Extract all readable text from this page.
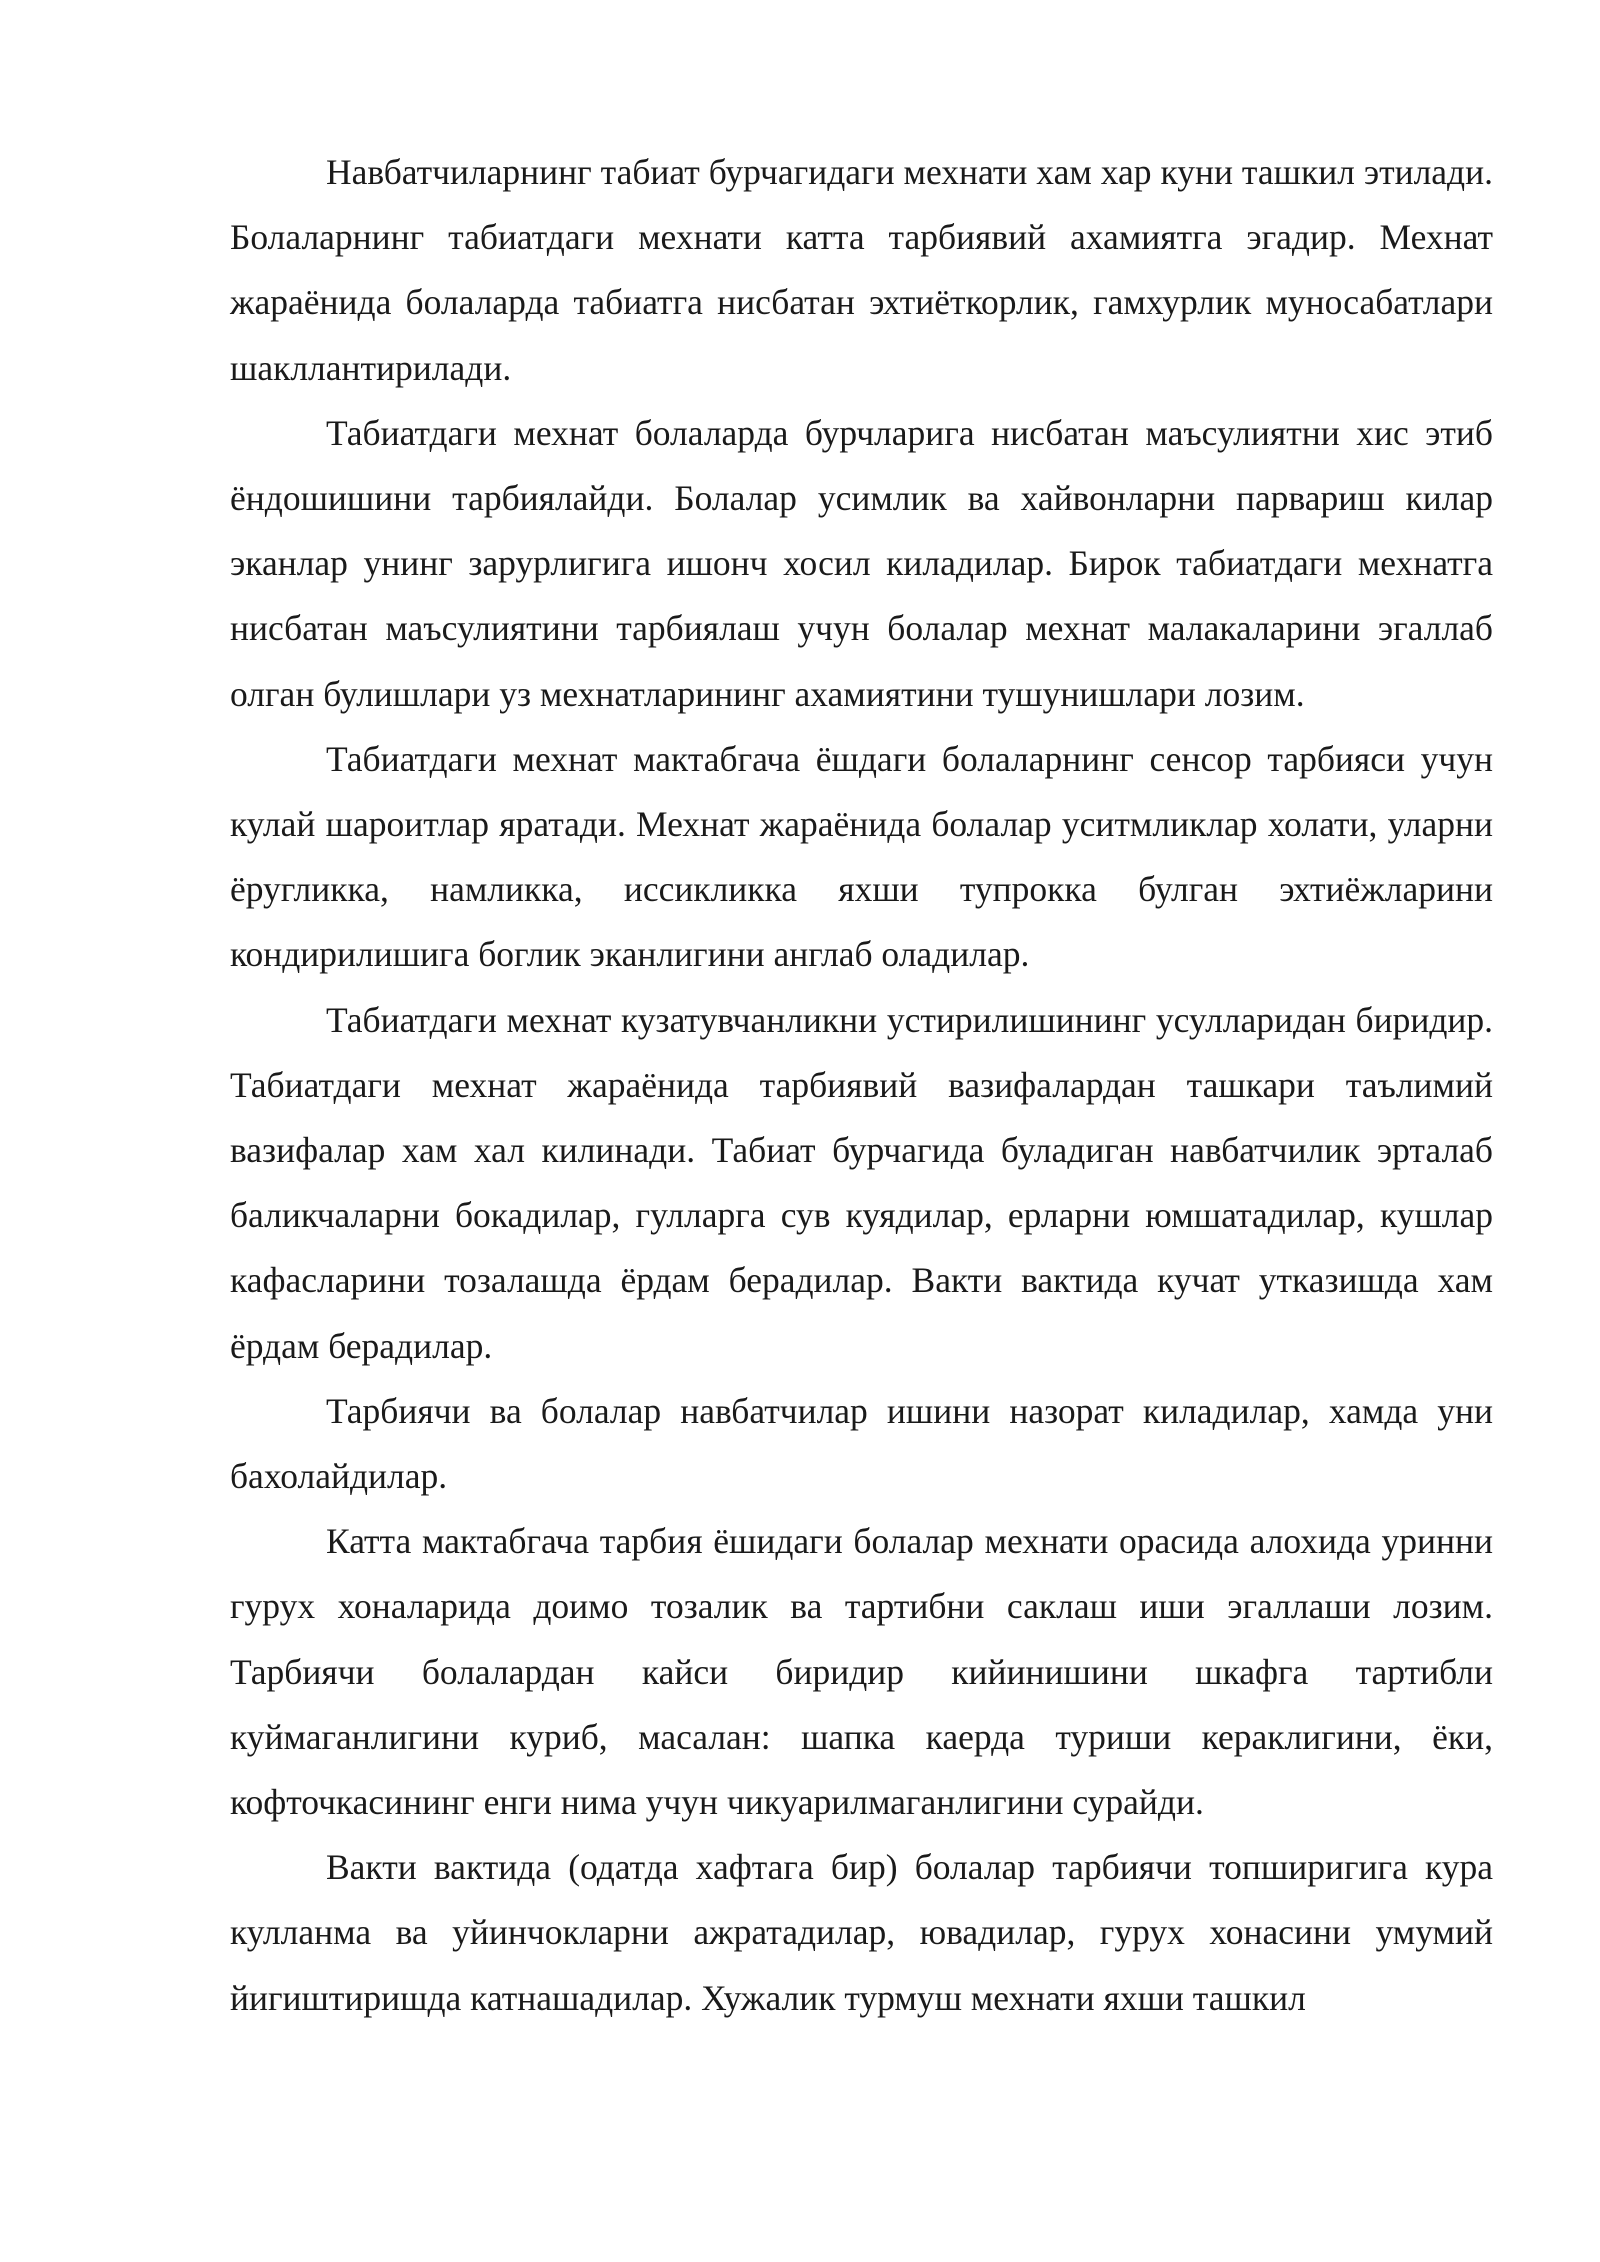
Навбатчиларнинг табиат бурчагидаги мехнати хам хар куни ташкил этилади. Болаларнинг табиатдаги мехнати катта тарбиявий ахамиятга эгадир. Мехнат жараёнида болаларда табиатга нисбатан эхтиёткорлик, гамхурлик муносабатлари шакллантирилади.

Табиатдаги мехнат болаларда бурчларига нисбатан маъсулиятни хис этиб ёндошишини тарбиялайди. Болалар усимлик ва хайвонларни парвариш килар эканлар унинг зарурлигига ишонч хосил киладилар. Бирок табиатдаги мехнатга нисбатан маъсулиятини тарбиялаш учун болалар мехнат малакаларини эгаллаб олган булишлари уз мехнатларининг ахамиятини тушунишлари лозим.

Табиатдаги мехнат мактабгача ёшдаги болаларнинг сенсор тарбияси учун кулай шароитлар яратади. Мехнат жараёнида болалар уситмликлар холати, уларни ёругликка, намликка, иссикликка яхши тупрокка булган эхтиёжларини кондирилишига боглик эканлигини англаб оладилар.

Табиатдаги мехнат кузатувчанликни устирилишининг усулларидан биридир. Табиатдаги мехнат жараёнида тарбиявий вазифалардан ташкари таълимий вазифалар хам хал килинади. Табиат бурчагида буладиган навбатчилик эрталаб баликчаларни бокадилар, гулларга сув куядилар, ерларни юмшатадилар, кушлар кафасларини тозалашда ёрдам берадилар. Вакти вактида кучат утказишда хам ёрдам берадилар.

Тарбиячи ва болалар навбатчилар ишини назорат киладилар, хамда уни бахолайдилар.

Катта мактабгача тарбия ёшидаги болалар мехнати орасида алохида уринни гурух хоналарида доимо тозалик ва тартибни саклаш иши эгаллаши лозим. Тарбиячи болалардан кайси биридир кийинишини шкафга тартибли куймаганлигини куриб, масалан: шапка каерда туриши кераклигини, ёки, кофточкасининг енги нима учун чикуарилмаганлигини сурайди.

Вакти вактида (одатда хафтага бир) болалар тарбиячи топширигига кура кулланма ва уйинчокларни ажратадилар, ювадилар, гурух хонасини умумий йигиштиришда катнашадилар. Хужалик турмуш мехнати яхши ташкил
